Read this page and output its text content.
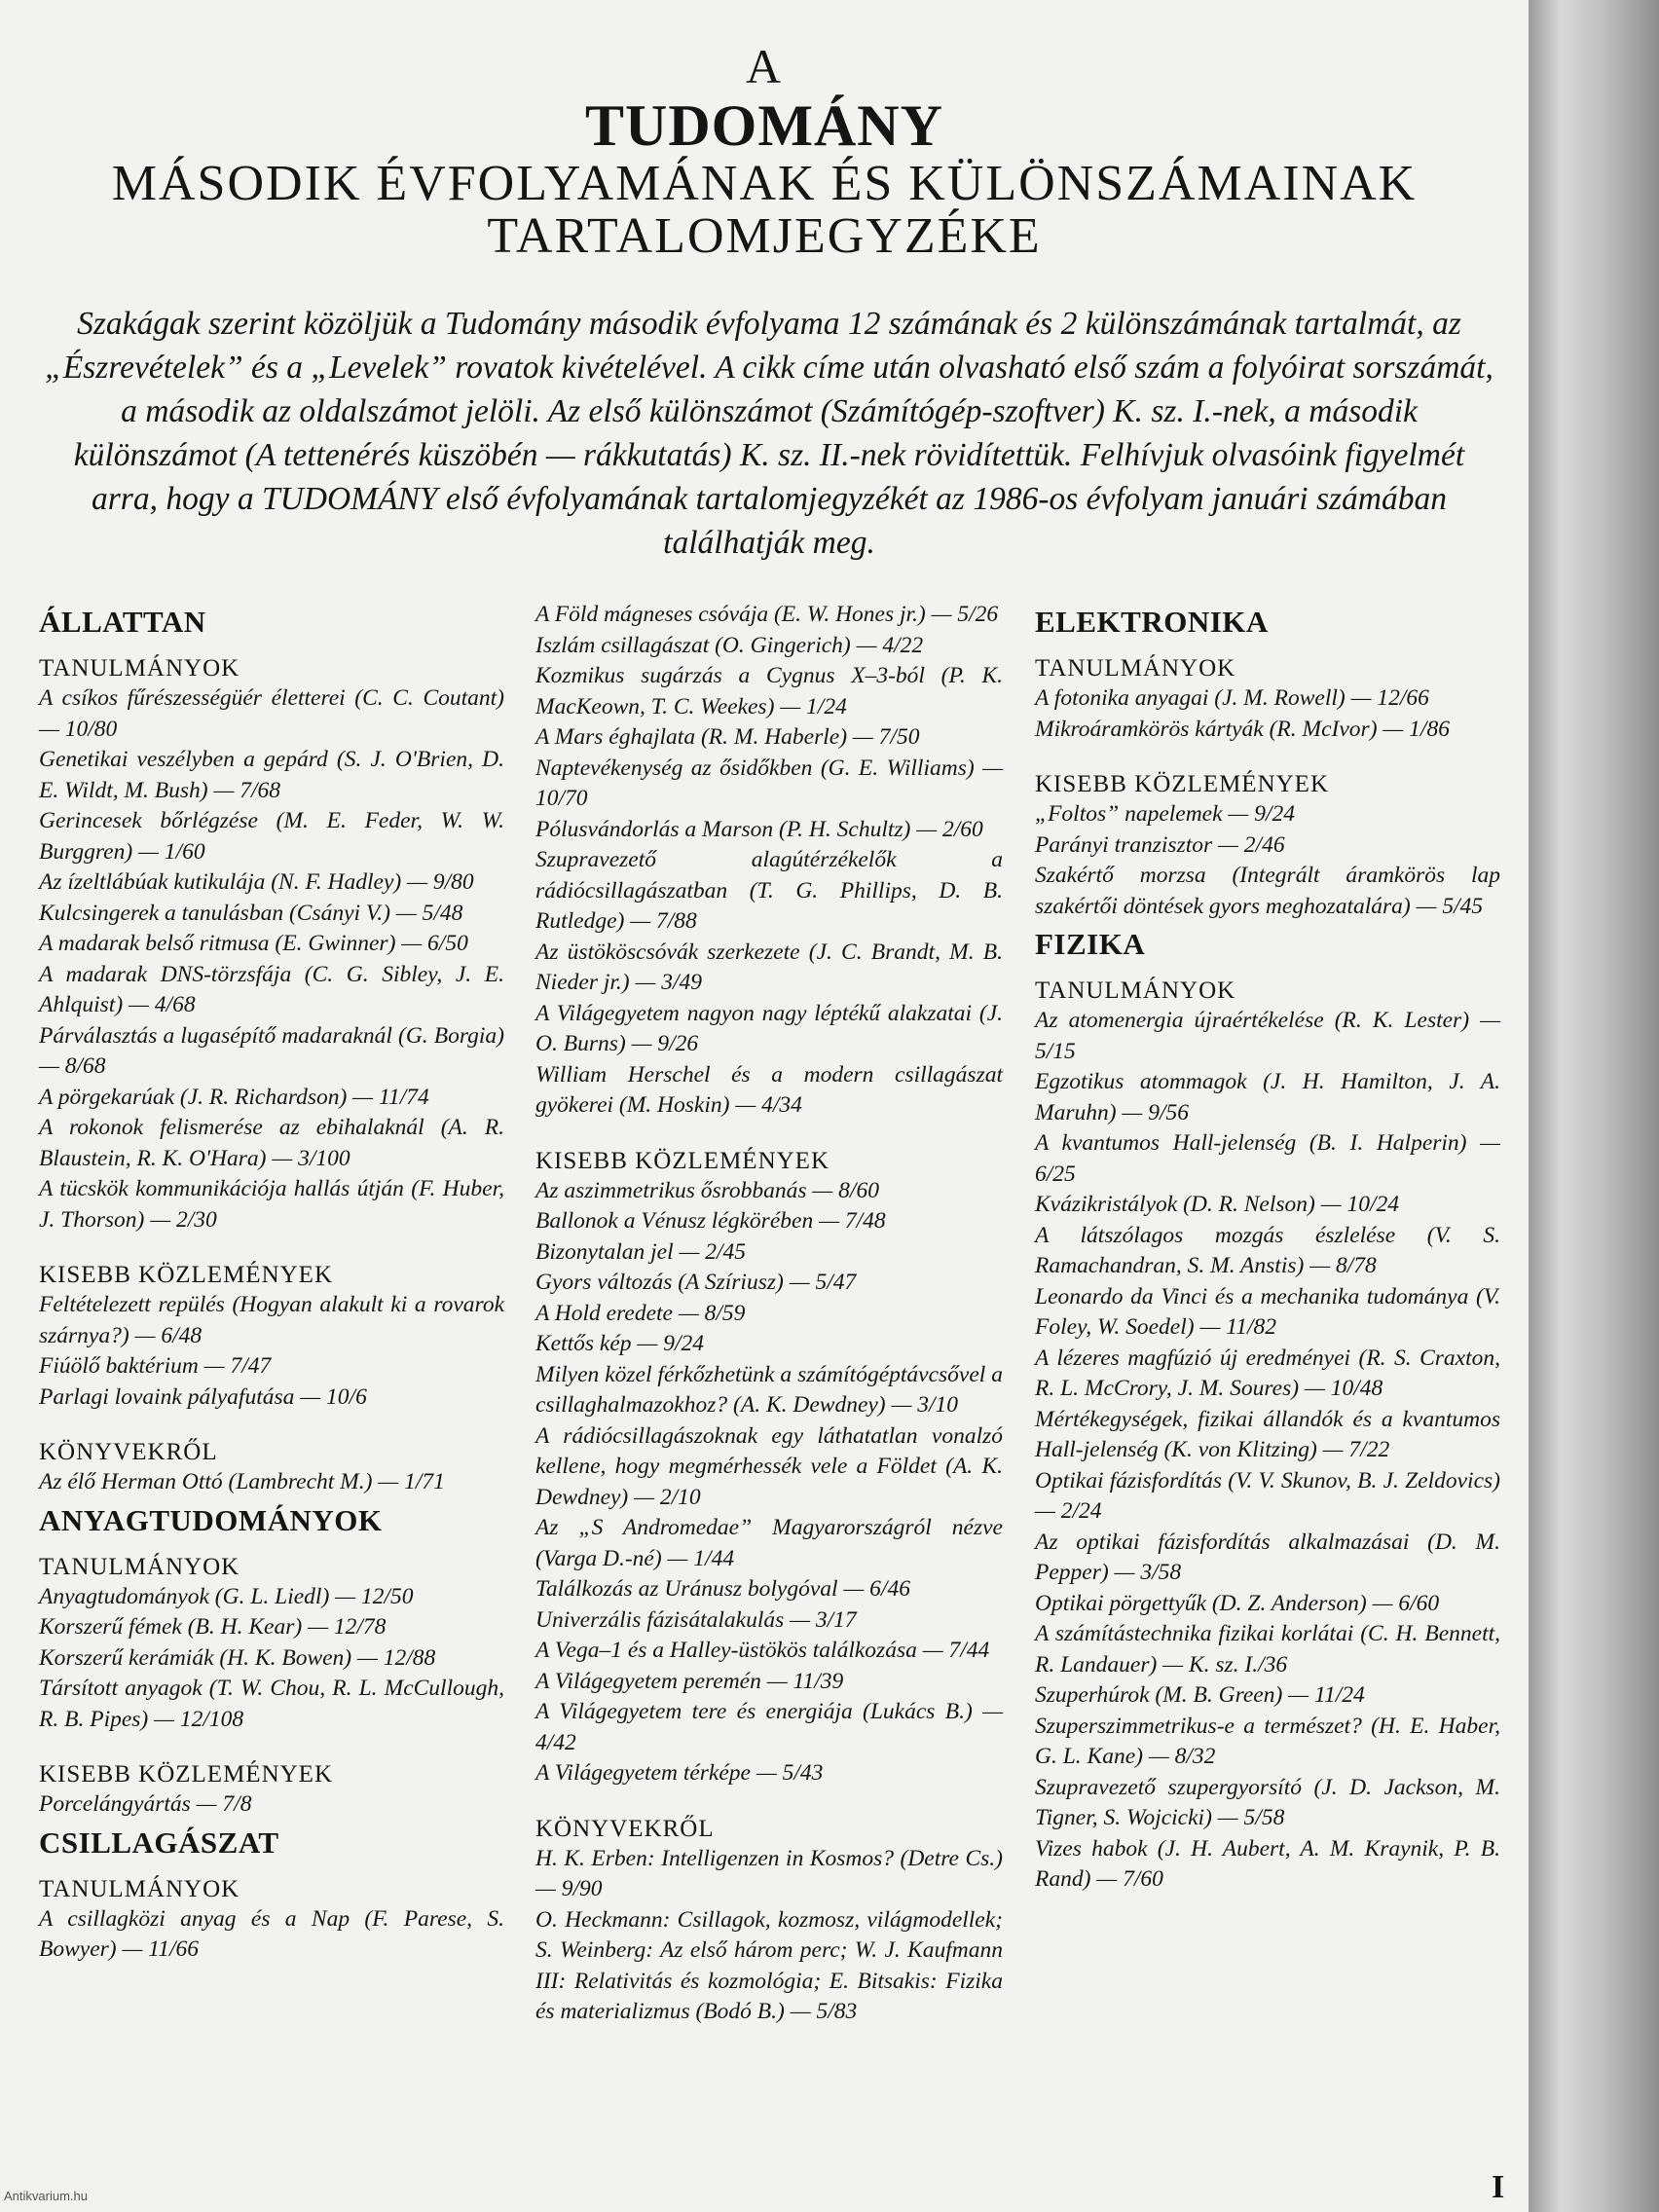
A
TUDOMÁNY
MÁSODIK ÉVFOLYAMÁNAK ÉS KÜLÖNSZÁMAINAK
TARTALOMJEGYZÉKE
Szakágak szerint közöljük a Tudomány második évfolyama 12 számának és 2 különszámának tartalmát, az „Észrevételek” és a „Levelek” rovatok kivételével. A cikk címe után olvasható első szám a folyóirat sorszámát, a második az oldalszámot jelöli. Az első különszámot (Számítógép-szoftver) K. sz. I.-nek, a második különszámot (A tettenérés küszöbén — rákkutatás) K. sz. II.-nek rövidítettük. Felhívjuk olvasóink figyelmét arra, hogy a TUDOMÁNY első évfolyamának tartalomjegyzékét az 1986-os évfolyam januári számában találhatják meg.
ÁLLATTAN
TANULMÁNYOK
A csíkos fűrészességüér életterei (C. C. Coutant) — 10/80
Genetikai veszélyben a gepárd (S. J. O'Brien, D. E. Wildt, M. Bush) — 7/68
Gerincesek bőrlégzése (M. E. Feder, W. W. Burggren) — 1/60
Az ízeltlábúak kutikulája (N. F. Hadley) — 9/80
Kulcsingerek a tanulásban (Csányi V.) — 5/48
A madarak belső ritmusa (E. Gwinner) — 6/50
A madarak DNS-törzsfája (C. G. Sibley, J. E. Ahlquist) — 4/68
Párválasztás a lugasépítő madaraknál (G. Borgia) — 8/68
A pörgekarúak (J. R. Richardson) — 11/74
A rokonok felismerése az ebihalaknál (A. R. Blaustein, R. K. O'Hara) — 3/100
A tücskök kommunikációja hallás útján (F. Huber, J. Thorson) — 2/30
KISEBB KÖZLEMÉNYEK
Feltételezett repülés (Hogyan alakult ki a rovarok szárnya?) — 6/48
Fiúölő baktérium — 7/47
Parlagi lovaink pályafutása — 10/6
KÖNYVEKRŐL
Az élő Herman Ottó (Lambrecht M.) — 1/71
ANYAGTUDOMÁNYOK
TANULMÁNYOK
Anyagtudományok (G. L. Liedl) — 12/50
Korszerű fémek (B. H. Kear) — 12/78
Korszerű kerámiák (H. K. Bowen) — 12/88
Társított anyagok (T. W. Chou, R. L. McCullough, R. B. Pipes) — 12/108
KISEBB KÖZLEMÉNYEK
Porcelángyártás — 7/8
CSILLAGÁSZAT
TANULMÁNYOK
A csillagközi anyag és a Nap (F. Parese, S. Bowyer) — 11/66
A Föld mágneses csóvája (E. W. Hones jr.) — 5/26
Iszlám csillagászat (O. Gingerich) — 4/22
Kozmikus sugárzás a Cygnus X–3-ból (P. K. MacKeown, T. C. Weekes) — 1/24
A Mars éghajlata (R. M. Haberle) — 7/50
Naptevékenység az ősidőkben (G. E. Williams) — 10/70
Pólusvándorlás a Marson (P. H. Schultz) — 2/60
Szupravezető alagútérzékelők a rádiócsillagászatban (T. G. Phillips, D. B. Rutledge) — 7/88
Az üstököscsóvák szerkezete (J. C. Brandt, M. B. Nieder jr.) — 3/49
A Világegyetem nagyon nagy léptékű alakzatai (J. O. Burns) — 9/26
William Herschel és a modern csillagászat gyökerei (M. Hoskin) — 4/34
KISEBB KÖZLEMÉNYEK
Az aszimmetrikus ősrobbanás — 8/60
Ballonok a Vénusz légkörében — 7/48
Bizonytalan jel — 2/45
Gyors változás (A Szíriusz) — 5/47
A Hold eredete — 8/59
Kettős kép — 9/24
Milyen közel férkőzhetünk a számítógéptávcsővel a csillaghalmazokhoz? (A. K. Dewdney) — 3/10
A rádiócsillagászoknak egy láthatatlan vonalzó kellene, hogy megmérhessék vele a Földet (A. K. Dewdney) — 2/10
Az „S Andromedae” Magyarországról nézve (Varga D.-né) — 1/44
Találkozás az Uránusz bolygóval — 6/46
Univerzális fázisátalakulás — 3/17
A Vega–1 és a Halley-üstökös találkozása — 7/44
A Világegyetem peremén — 11/39
A Világegyetem tere és energiája (Lukács B.) — 4/42
A Világegyetem térképe — 5/43
KÖNYVEKRŐL
H. K. Erben: Intelligenzen in Kosmos? (Detre Cs.) — 9/90
O. Heckmann: Csillagok, kozmosz, világmodellek; S. Weinberg: Az első három perc; W. J. Kaufmann III: Relativitás és kozmológia; E. Bitsakis: Fizika és materializmus (Bodó B.) — 5/83
ELEKTRONIKA
TANULMÁNYOK
A fotonika anyagai (J. M. Rowell) — 12/66
Mikroáramkörös kártyák (R. McIvor) — 1/86
KISEBB KÖZLEMÉNYEK
„Foltos” napelemek — 9/24
Parányi tranzisztor — 2/46
Szakértő morzsa (Integrált áramkörös lap szakértői döntések gyors meghozatalára) — 5/45
FIZIKA
TANULMÁNYOK
Az atomenergia újraértékelése (R. K. Lester) — 5/15
Egzotikus atommagok (J. H. Hamilton, J. A. Maruhn) — 9/56
A kvantumos Hall-jelenség (B. I. Halperin) — 6/25
Kvázikristályok (D. R. Nelson) — 10/24
A látszólagos mozgás észlelése (V. S. Ramachandran, S. M. Anstis) — 8/78
Leonardo da Vinci és a mechanika tudománya (V. Foley, W. Soedel) — 11/82
A lézeres magfúzió új eredményei (R. S. Craxton, R. L. McCrory, J. M. Soures) — 10/48
Mértékegységek, fizikai állandók és a kvantumos Hall-jelenség (K. von Klitzing) — 7/22
Optikai fázisfordítás (V. V. Skunov, B. J. Zeldovics) — 2/24
Az optikai fázisfordítás alkalmazásai (D. M. Pepper) — 3/58
Optikai pörgettyűk (D. Z. Anderson) — 6/60
A számítástechnika fizikai korlátai (C. H. Bennett, R. Landauer) — K. sz. I./36
Szuperhúrok (M. B. Green) — 11/24
Szuperszimmetrikus-e a természet? (H. E. Haber, G. L. Kane) — 8/32
Szupravezető szupergyorsító (J. D. Jackson, M. Tigner, S. Wojcicki) — 5/58
Vizes habok (J. H. Aubert, A. M. Kraynik, P. B. Rand) — 7/60
I
Antikvarium.hu
